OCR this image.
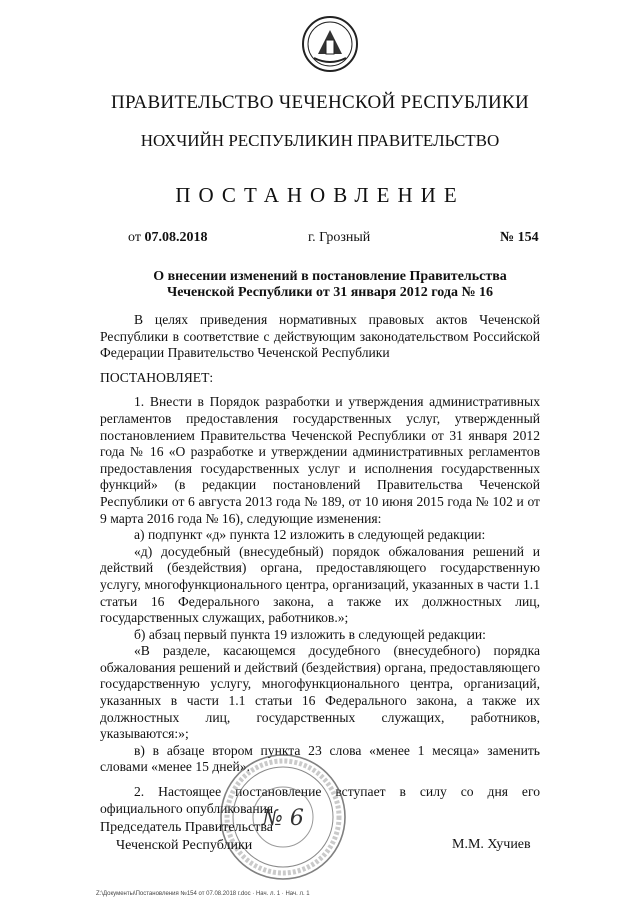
ПРАВИТЕЛЬСТВО ЧЕЧЕНСКОЙ РЕСПУБЛИКИ
НОХЧИЙН РЕСПУБЛИКИН ПРАВИТЕЛЬСТВО
ПОСТАНОВЛЕНИЕ
от 07.08.2018	г. Грозный	№ 154
О внесении изменений в постановление Правительства
Чеченской Республики от 31 января 2012 года № 16

В целях приведения нормативных правовых актов Чеченской Республики в соответствие с действующим законодательством Российской Федерации Правительство Чеченской Республики

ПОСТАНОВЛЯЕТ:

1. Внести в Порядок разработки и утверждения административных регламентов предоставления государственных услуг, утвержденный постановлением Правительства Чеченской Республики от 31 января 2012 года № 16 «О разработке и утверждении административных регламентов предоставления государственных услуг и исполнения государственных функций» (в редакции постановлений Правительства Чеченской Республики от 6 августа 2013 года № 189, от 10 июня 2015 года № 102 и от 9 марта 2016 года № 16), следующие изменения:

а) подпункт «д» пункта 12 изложить в следующей редакции:

«д) досудебный (внесудебный) порядок обжалования решений и действий (бездействия) органа, предоставляющего государственную услугу, многофункционального центра, организаций, указанных в части 1.1 статьи 16 Федерального закона, а также их должностных лиц, государственных служащих, работников.»;

б) абзац первый пункта 19 изложить в следующей редакции:

«В разделе, касающемся досудебного (внесудебного) порядка обжалования решений и действий (бездействия) органа, предоставляющего государственную услугу, многофункционального центра, организаций, указанных в части 1.1 статьи 16 Федерального закона, а также их должностных лиц, государственных служащих, работников, указываются:»;

в) в абзаце втором пункта 23 слова «менее 1 месяца» заменить словами «менее 15 дней».

2. Настоящее постановление вступает в силу со дня его официального опубликования.

№ 6
Председатель Правительства
Чеченской Республики	М.М. Хучиев
Z:\Документы\Постановления №154 от 07.08.2018 г.doc · Нач. л. 1 · Нач. л. 1
